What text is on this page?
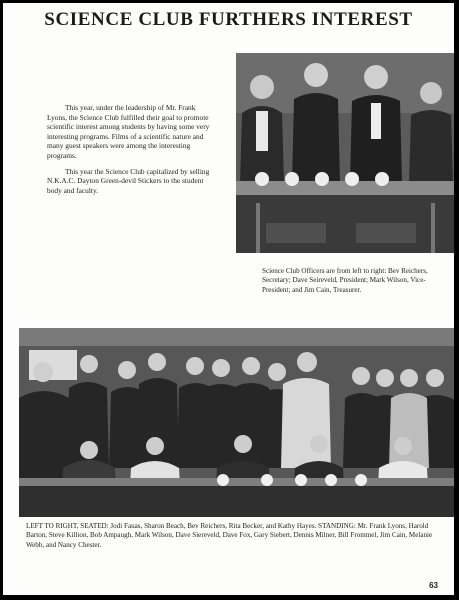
SCIENCE CLUB FURTHERS INTEREST

This year, under the leadership of Mr. Frank Lyons, the Science Club fulfilled their goal to promote scientific interest among students by having some very interesting programs. Films of a scientific nature and many guest speakers were among the interesting programs.

This year the Science Club capitalized by selling N.K.A.C. Dayton Green-devil Stickers to the student body and faculty.

Science Club Officers are from left to right: Bev Reichers, Secretary; Dave Seireveld, President; Mark Wilson, Vice-President; and Jim Cain, Treasurer.
LEFT TO RIGHT, SEATED: Jodi Fauas, Sharon Beach, Bev Reichers, Rita Becker, and Kathy Hayes. STANDING: Mr. Frank Lyons, Harold Barton, Steve Killion, Bob Ampaugh, Mark Wilson, Dave Siereveld, Dave Fox, Gary Siebert, Dennis Milner, Bill Frommel, Jim Cain, Melanie Webb, and Nancy Chester.
63
